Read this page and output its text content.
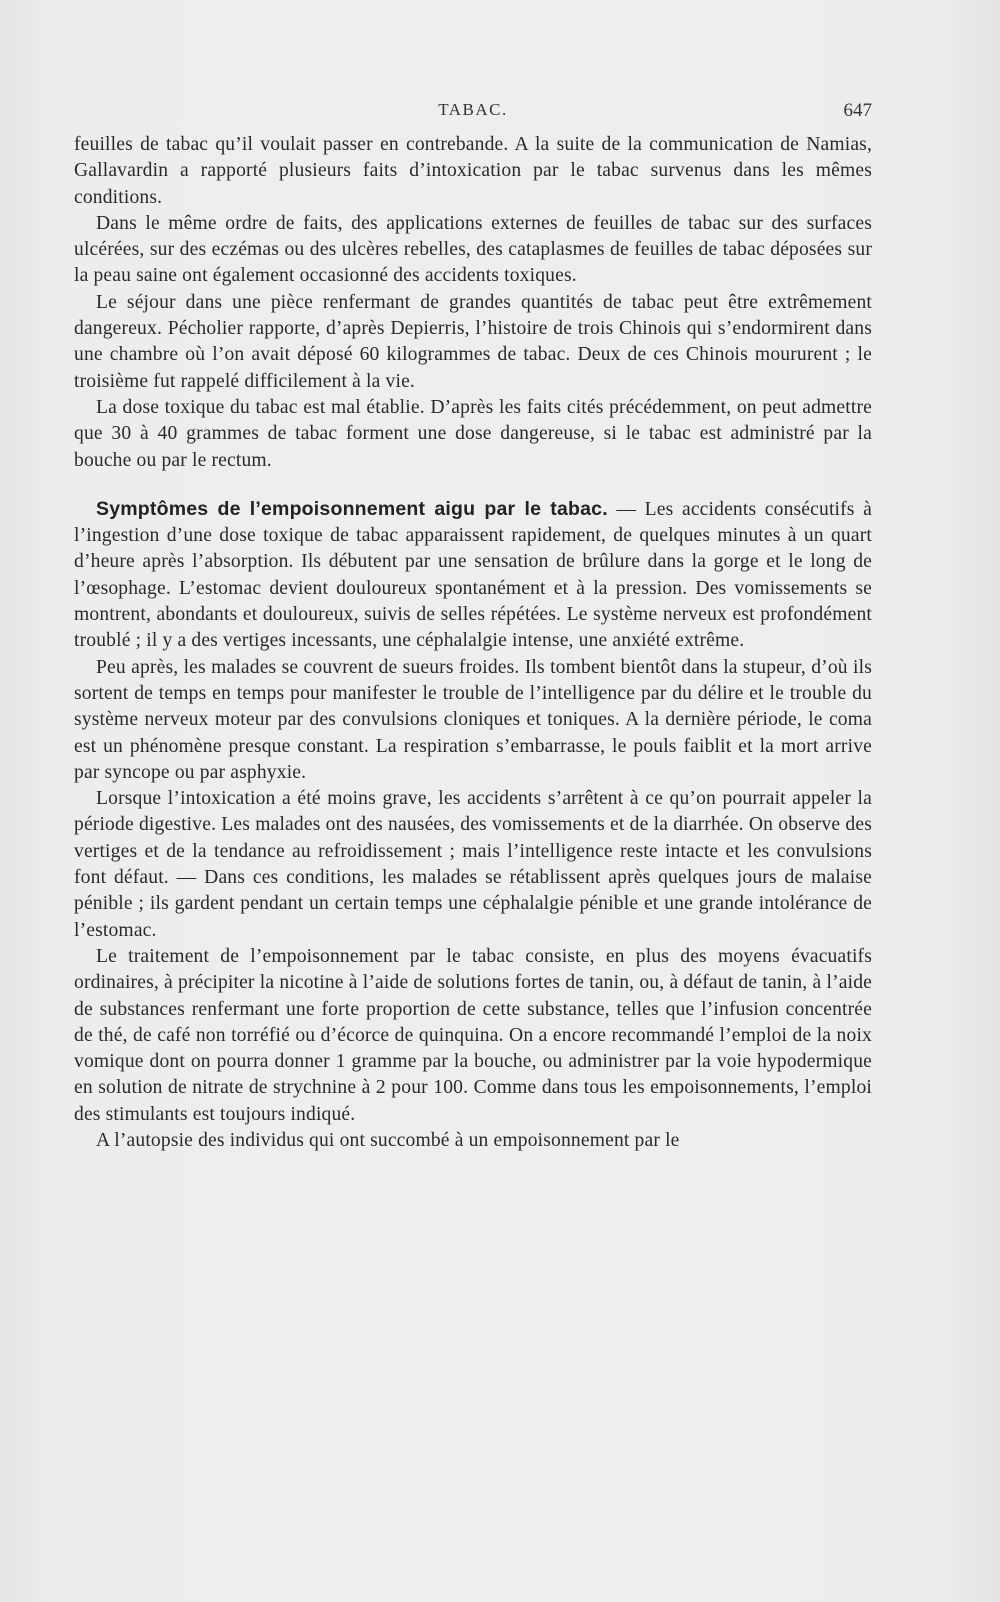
TABAC.	647

feuilles de tabac qu’il voulait passer en contrebande. A la suite de la communication de Namias, Gallavardin a rapporté plusieurs faits d’intoxication par le tabac survenus dans les mêmes conditions.

Dans le même ordre de faits, des applications externes de feuilles de tabac sur des surfaces ulcérées, sur des eczémas ou des ulcères rebelles, des cataplasmes de feuilles de tabac déposées sur la peau saine ont également occasionné des accidents toxiques.

Le séjour dans une pièce renfermant de grandes quantités de tabac peut être extrêmement dangereux. Pécholier rapporte, d’après Depierris, l’histoire de trois Chinois qui s’endormirent dans une chambre où l’on avait déposé 60 kilogrammes de tabac. Deux de ces Chinois moururent ; le troisième fut rappelé difficilement à la vie.

La dose toxique du tabac est mal établie. D’après les faits cités précédemment, on peut admettre que 30 à 40 grammes de tabac forment une dose dangereuse, si le tabac est administré par la bouche ou par le rectum.

Symptômes de l’empoisonnement aigu par le tabac. — Les accidents consécutifs à l’ingestion d’une dose toxique de tabac apparaissent rapidement, de quelques minutes à un quart d’heure après l’absorption. Ils débutent par une sensation de brûlure dans la gorge et le long de l’œsophage. L’estomac devient douloureux spontanément et à la pression. Des vomissements se montrent, abondants et douloureux, suivis de selles répétées. Le système nerveux est profondément troublé ; il y a des vertiges incessants, une céphalalgie intense, une anxiété extrême.

Peu après, les malades se couvrent de sueurs froides. Ils tombent bientôt dans la stupeur, d’où ils sortent de temps en temps pour manifester le trouble de l’intelligence par du délire et le trouble du système nerveux moteur par des convulsions cloniques et toniques. A la dernière période, le coma est un phénomène presque constant. La respiration s’embarrasse, le pouls faiblit et la mort arrive par syncope ou par asphyxie.

Lorsque l’intoxication a été moins grave, les accidents s’arrêtent à ce qu’on pourrait appeler la période digestive. Les malades ont des nausées, des vomissements et de la diarrhée. On observe des vertiges et de la tendance au refroidissement ; mais l’intelligence reste intacte et les convulsions font défaut. — Dans ces conditions, les malades se rétablissent après quelques jours de malaise pénible ; ils gardent pendant un certain temps une céphalalgie pénible et une grande intolérance de l’estomac.

Le traitement de l’empoisonnement par le tabac consiste, en plus des moyens évacuatifs ordinaires, à précipiter la nicotine à l’aide de solutions fortes de tanin, ou, à défaut de tanin, à l’aide de substances renfermant une forte proportion de cette substance, telles que l’infusion concentrée de thé, de café non torréfié ou d’écorce de quinquina. On a encore recommandé l’emploi de la noix vomique dont on pourra donner 1 gramme par la bouche, ou administrer par la voie hypodermique en solution de nitrate de strychnine à 2 pour 100. Comme dans tous les empoisonnements, l’emploi des stimulants est toujours indiqué.

A l’autopsie des individus qui ont succombé à un empoisonnement par le
